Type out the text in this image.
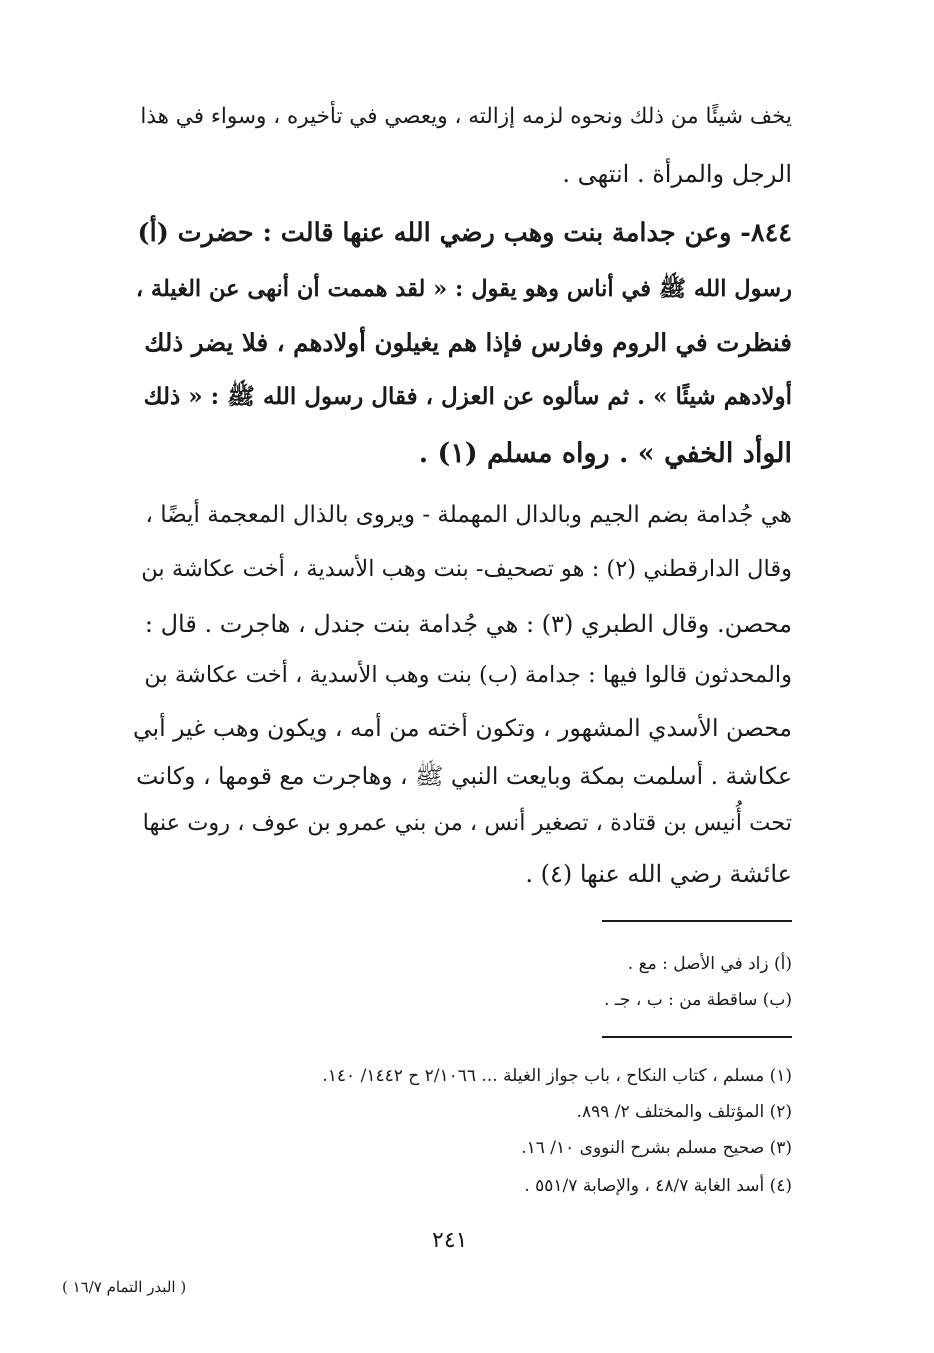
يخف شيئًا من ذلك ونحوه لزمه إزالته ، ويعصي في تأخيره ، وسواء في هذا

الرجل والمرأة . انتهى .

٨٤٤- وعن جدامة بنت وهب رضي الله عنها قالت : حضرت (أ)

رسول الله ﷺ في أناس وهو يقول : « لقد هممت أن أنهى عن الغيلة ،

فنظرت في الروم وفارس فإذا هم يغيلون أولادهم ، فلا يضر ذلك

أولادهم شيئًا » . ثم سألوه عن العزل ، فقال رسول الله ﷺ : « ذلك

الوأد الخفي » . رواه مسلم (١) .

هي جُدامة بضم الجيم وبالدال المهملة - ويروى بالذال المعجمة أيضًا ،

وقال الدارقطني (٢) : هو تصحيف- بنت وهب الأسدية ، أخت عكاشة بن

محصن. وقال الطبري (٣) : هي جُدامة بنت جندل ، هاجرت . قال :

والمحدثون قالوا فيها : جدامة (ب) بنت وهب الأسدية ، أخت عكاشة بن

محصن الأسدي المشهور ، وتكون أخته من أمه ، ويكون وهب غير أبي

عكاشة . أسلمت بمكة وبايعت النبي ﷺ ، وهاجرت مع قومها ، وكانت

تحت أُنيس بن قتادة ، تصغير أنس ، من بني عمرو بن عوف ، روت عنها

عائشة رضي الله عنها (٤) .

(أ) زاد في الأصل : مع .

(ب) ساقطة من : ب ، جـ .

(١) مسلم ، كتاب النكاح ، باب جواز الغيلة ... ٢/١٠٦٦ ح ١٤٤٢/ ١٤٠.

(٢) المؤتلف والمختلف ٢/ ٨٩٩.

(٣) صحيح مسلم بشرح النووى ١٠/ ١٦.

(٤) أسد الغابة ٤٨/٧ ، والإصابة ٥٥١/٧ .

٢٤١
( البدر التمام ١٦/٧ )
